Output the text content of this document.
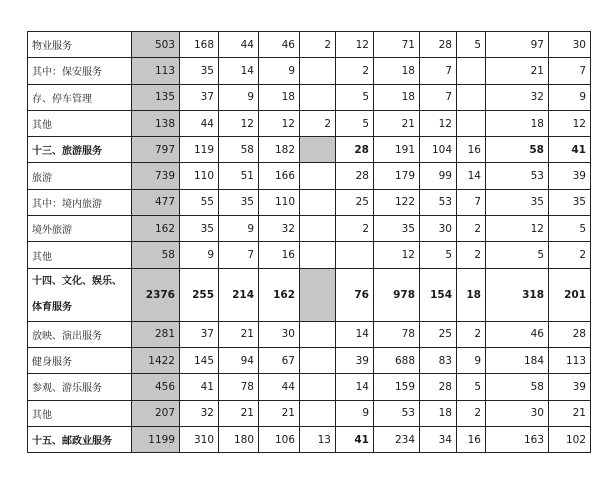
物业服务	503	168	44	46	2	12	71	28	5	97	30
其中：保安服务	113	35	14	9		2	18	7		21	7
存、停车管理	135	37	9	18		5	18	7		32	9
其他	138	44	12	12	2	5	21	12		18	12
十三、旅游服务	797	119	58	182		28	191	104	16	58	41
旅游	739	110	51	166		28	179	99	14	53	39
其中：境内旅游	477	55	35	110		25	122	53	7	35	35
境外旅游	162	35	9	32		2	35	30	2	12	5
其他	58	9	7	16			12	5	2	5	2

十四、文化、娱乐、
体育服务	2376	255	214	162		76	978	154	18	318	201
放映、演出服务	281	37	21	30		14	78	25	2	46	28
健身服务	1422	145	94	67		39	688	83	9	184	113
参观、游乐服务	456	41	78	44		14	159	28	5	58	39
其他	207	32	21	21		9	53	18	2	30	21
十五、邮政业服务	1199	310	180	106	13	41	234	34	16	163	102
